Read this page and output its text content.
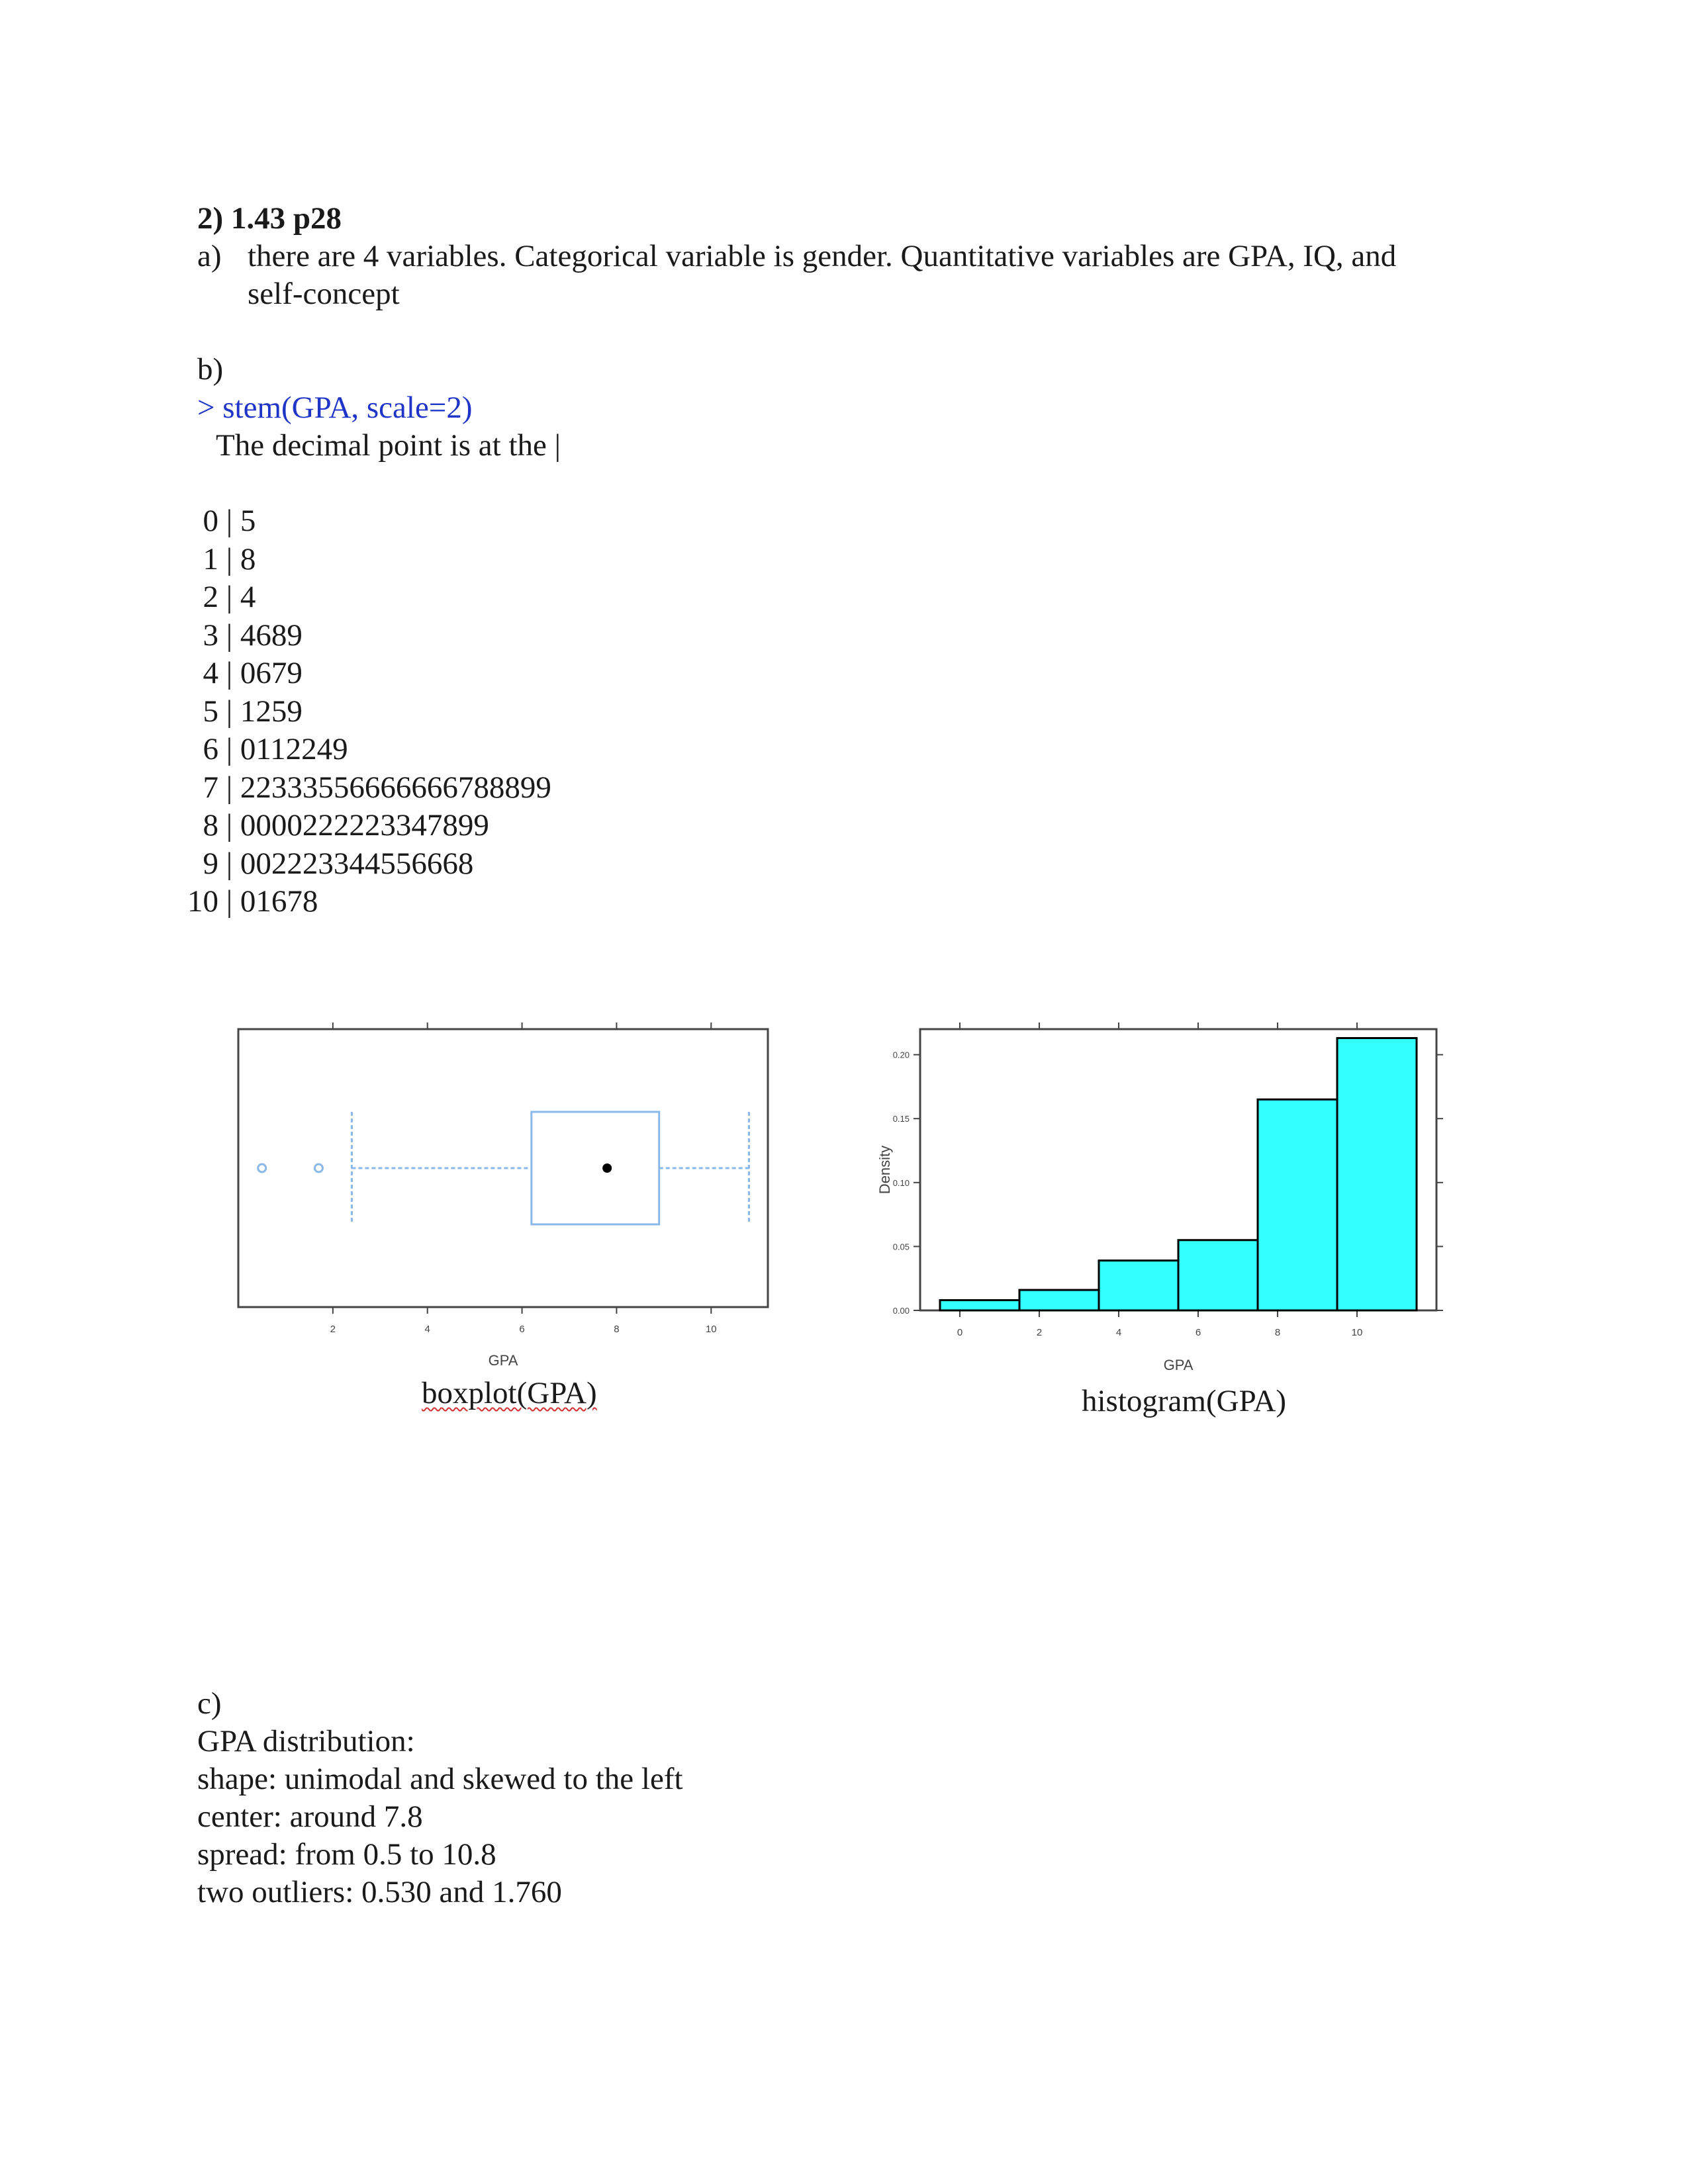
2) 1.43 p28

a) there are 4 variables. Categorical variable is gender. Quantitative variables are GPA, IQ, and

self-concept

b)

> stem(GPA, scale=2)

The decimal point is at the |

0 | 5
1 | 8
2 | 4
3 | 4689
4 | 0679
5 | 1259
6 | 0112249
7 | 22333556666666788899
8 | 0000222223347899
9 | 002223344556668
10 | 01678
2	4	6	8	10
GPA

boxplot(GPA)

0	2	4	6	8	10
0.00
0.05
0.10
0.15
0.20
GPA
Density

histogram(GPA)

c)

GPA distribution:

shape: unimodal and skewed to the left

center: around 7.8

spread: from 0.5 to 10.8

two outliers: 0.530 and 1.760
